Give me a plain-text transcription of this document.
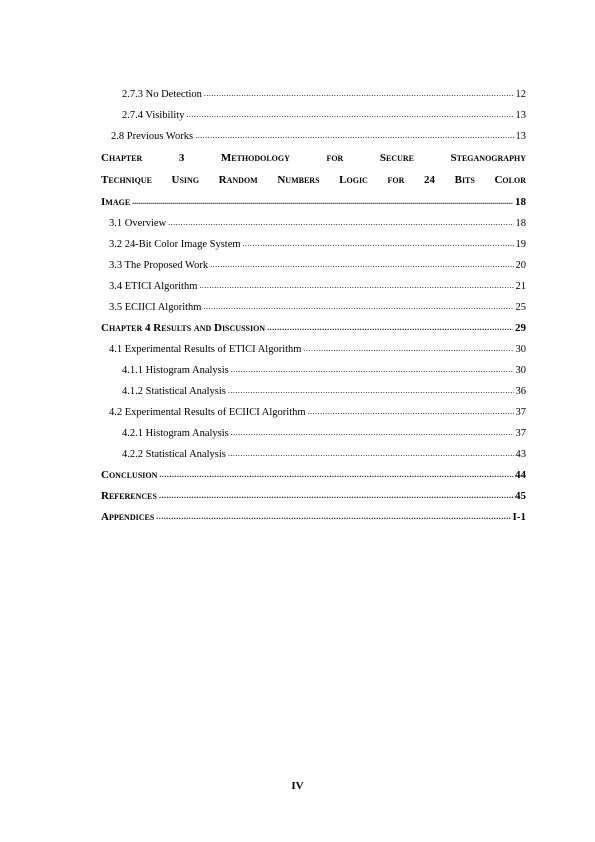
2.7.3 No Detection .....	12
2.7.4 Visibility .....	13
2.8 Previous Works .....	13
Chapter	3	Methodology	for	Secure	Steganography
Technique Using Random Numbers Logic for 24 Bits Color
Image .....	18
3.1 Overview .....	18
3.2 24-Bit Color Image System .....	19
3.3 The Proposed Work .....	20
3.4 ETICI Algorithm .....	21
3.5 ECIICI Algorithm .....	25
Chapter 4 Results and Discussion .....	29
4.1 Experimental Results of ETICI Algorithm .....	30
4.1.1 Histogram Analysis .....	30
4.1.2 Statistical Analysis .....	36
4.2 Experimental Results of ECIICI Algorithm .....	37
4.2.1 Histogram Analysis .....	37
4.2.2 Statistical Analysis .....	43
Conclusion .....	44
References .....	45
Appendices .....	I-1
IV
